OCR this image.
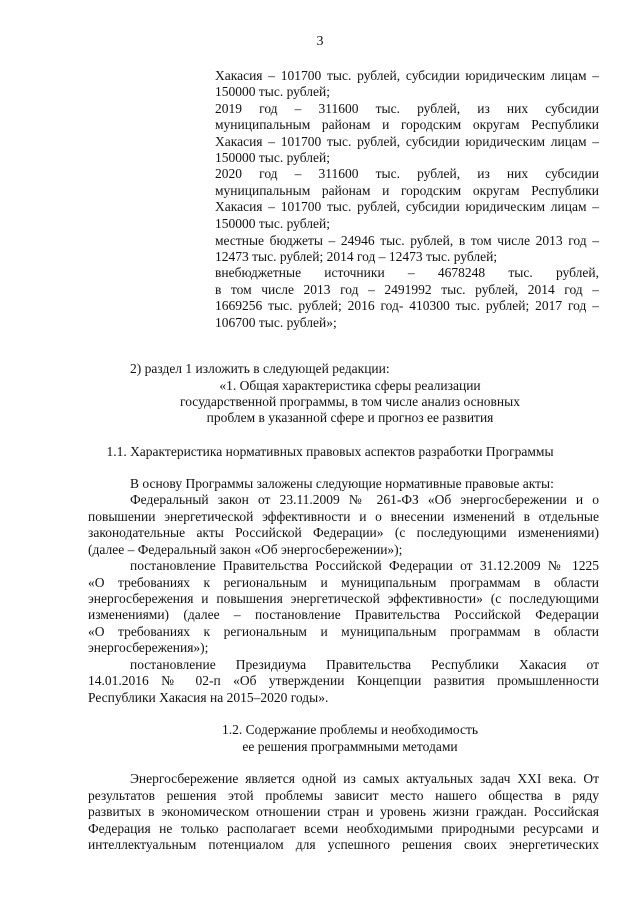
3
Хакасия – 101700 тыс. рублей, субсидии юридическим лицам –
150000 тыс. рублей;
2019 год – 311600 тыс. рублей, из них субсидии
муниципальным районам и городским округам Республики
Хакасия – 101700 тыс. рублей, субсидии юридическим лицам –
150000 тыс. рублей;
2020 год – 311600 тыс. рублей, из них субсидии
муниципальным районам и городским округам Республики
Хакасия – 101700 тыс. рублей, субсидии юридическим лицам –
150000 тыс. рублей;
местные бюджеты – 24946 тыс. рублей, в том числе 2013 год –
12473 тыс. рублей; 2014 год – 12473 тыс. рублей;
внебюджетные источники – 4678248 тыс. рублей,
в том числе 2013 год – 2491992 тыс. рублей, 2014 год –
1669256 тыс. рублей; 2016 год- 410300 тыс. рублей; 2017 год –
106700 тыс. рублей»;
2) раздел 1 изложить в следующей редакции:
«1. Общая характеристика сферы реализации
государственной программы, в том числе анализ основных
проблем в указанной сфере и прогноз ее развития
1.1. Характеристика нормативных правовых аспектов разработки Программы
В основу Программы заложены следующие нормативные правовые акты:
Федеральный закон от 23.11.2009 № 261-ФЗ «Об энергосбережении и о
повышении энергетической эффективности и о внесении изменений в отдельные
законодательные акты Российской Федерации» (с последующими изменениями)
(далее – Федеральный закон «Об энергосбережении»);
постановление Правительства Российской Федерации от 31.12.2009 № 1225
«О требованиях к региональным и муниципальным программам в области
энергосбережения и повышения энергетической эффективности» (с последующими
изменениями) (далее – постановление Правительства Российской Федерации
«О требованиях к региональным и муниципальным программам в области
энергосбережения»);
постановление Президиума Правительства Республики Хакасия от
14.01.2016 № 02-п «Об утверждении Концепции развития промышленности
Республики Хакасия на 2015–2020 годы».
1.2. Содержание проблемы и необходимость
ее решения программными методами
Энергосбережение является одной из самых актуальных задач XXI века. От
результатов решения этой проблемы зависит место нашего общества в ряду
развитых в экономическом отношении стран и уровень жизни граждан. Российская
Федерация не только располагает всеми необходимыми природными ресурсами и
интеллектуальным потенциалом для успешного решения своих энергетических
